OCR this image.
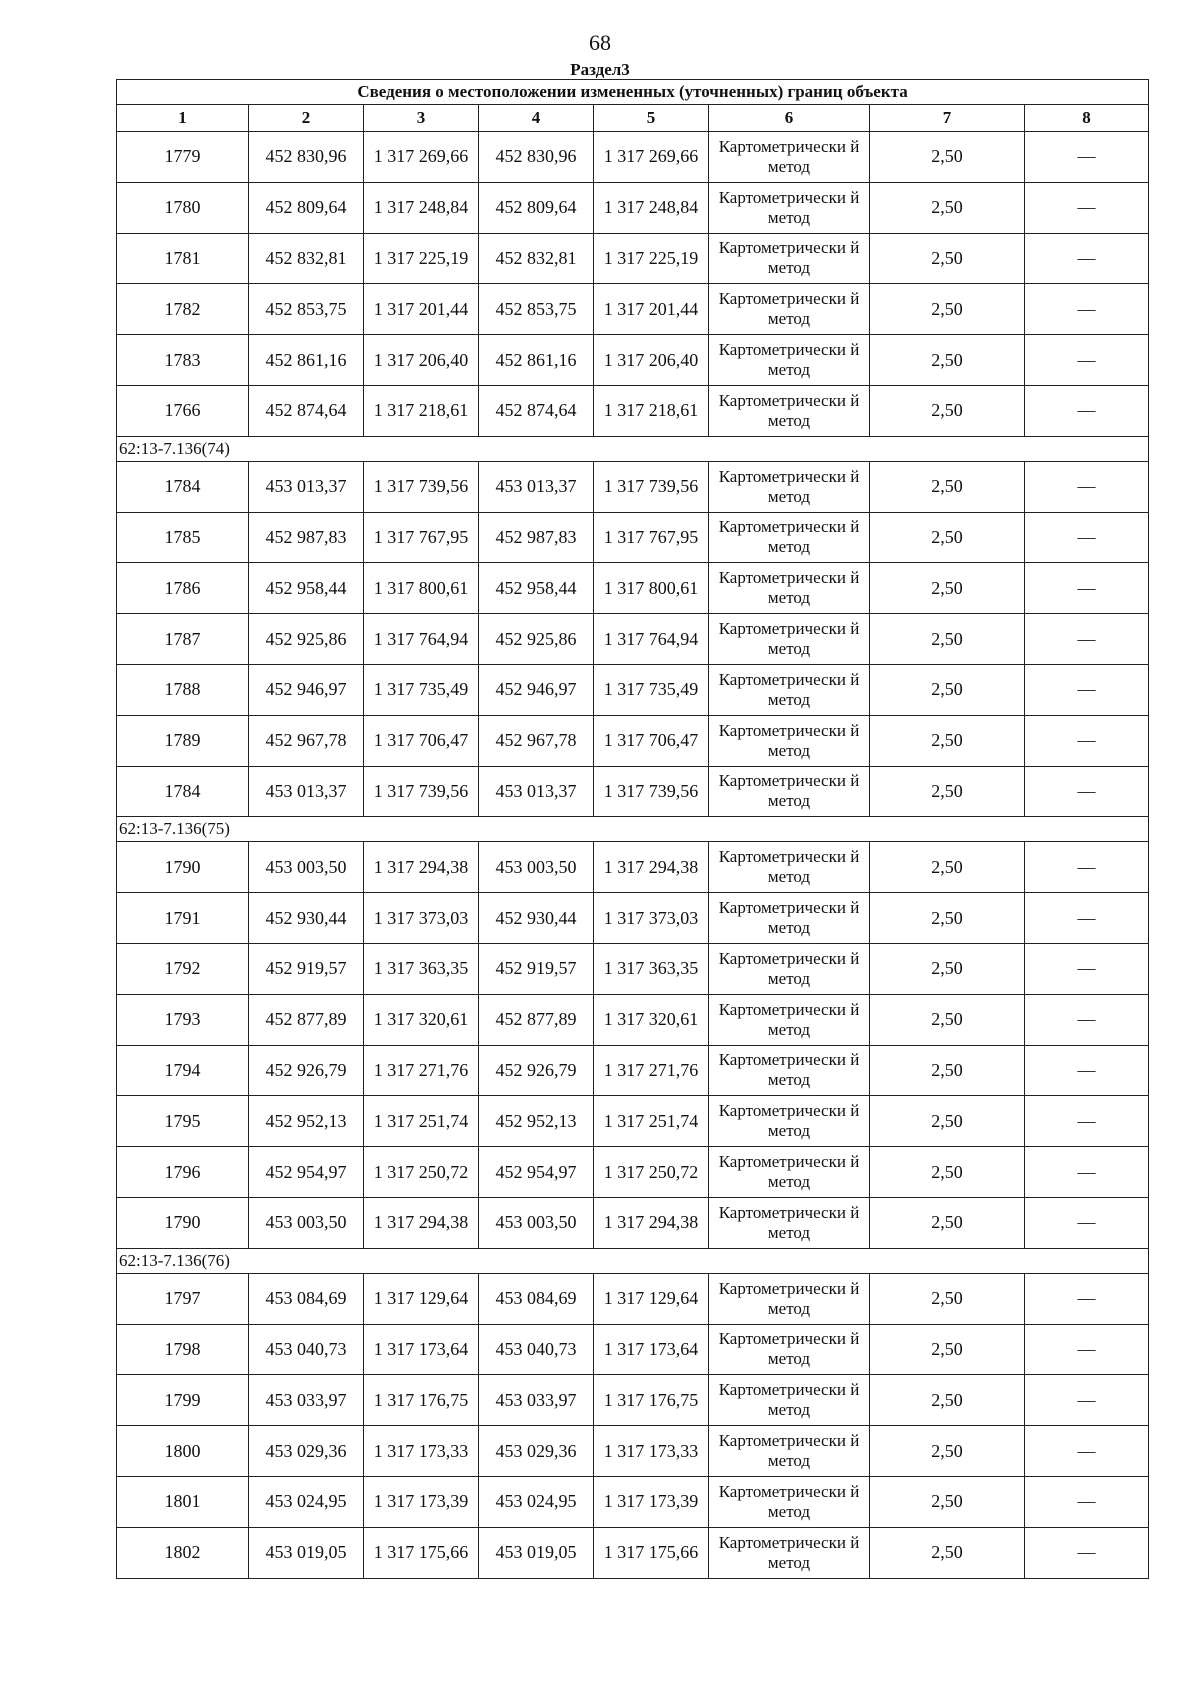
68
Раздел3
Сведения о местоположении измененных (уточненных) границ объекта							
1	2	3	4	5	6	7	8
1779	452 830,96	1 317 269,66	452 830,96	1 317 269,66	Картометрически й метод	2,50	—
1780	452 809,64	1 317 248,84	452 809,64	1 317 248,84	Картометрически й метод	2,50	—
1781	452 832,81	1 317 225,19	452 832,81	1 317 225,19	Картометрически й метод	2,50	—
1782	452 853,75	1 317 201,44	452 853,75	1 317 201,44	Картометрически й метод	2,50	—
1783	452 861,16	1 317 206,40	452 861,16	1 317 206,40	Картометрически й метод	2,50	—
1766	452 874,64	1 317 218,61	452 874,64	1 317 218,61	Картометрически й метод	2,50	—
62:13-7.136(74)							
1784	453 013,37	1 317 739,56	453 013,37	1 317 739,56	Картометрически й метод	2,50	—
1785	452 987,83	1 317 767,95	452 987,83	1 317 767,95	Картометрически й метод	2,50	—
1786	452 958,44	1 317 800,61	452 958,44	1 317 800,61	Картометрически й метод	2,50	—
1787	452 925,86	1 317 764,94	452 925,86	1 317 764,94	Картометрически й метод	2,50	—
1788	452 946,97	1 317 735,49	452 946,97	1 317 735,49	Картометрически й метод	2,50	—
1789	452 967,78	1 317 706,47	452 967,78	1 317 706,47	Картометрически й метод	2,50	—
1784	453 013,37	1 317 739,56	453 013,37	1 317 739,56	Картометрически й метод	2,50	—
62:13-7.136(75)							
1790	453 003,50	1 317 294,38	453 003,50	1 317 294,38	Картометрически й метод	2,50	—
1791	452 930,44	1 317 373,03	452 930,44	1 317 373,03	Картометрически й метод	2,50	—
1792	452 919,57	1 317 363,35	452 919,57	1 317 363,35	Картометрически й метод	2,50	—
1793	452 877,89	1 317 320,61	452 877,89	1 317 320,61	Картометрически й метод	2,50	—
1794	452 926,79	1 317 271,76	452 926,79	1 317 271,76	Картометрически й метод	2,50	—
1795	452 952,13	1 317 251,74	452 952,13	1 317 251,74	Картометрически й метод	2,50	—
1796	452 954,97	1 317 250,72	452 954,97	1 317 250,72	Картометрически й метод	2,50	—
1790	453 003,50	1 317 294,38	453 003,50	1 317 294,38	Картометрически й метод	2,50	—
62:13-7.136(76)							
1797	453 084,69	1 317 129,64	453 084,69	1 317 129,64	Картометрически й метод	2,50	—
1798	453 040,73	1 317 173,64	453 040,73	1 317 173,64	Картометрически й метод	2,50	—
1799	453 033,97	1 317 176,75	453 033,97	1 317 176,75	Картометрически й метод	2,50	—
1800	453 029,36	1 317 173,33	453 029,36	1 317 173,33	Картометрически й метод	2,50	—
1801	453 024,95	1 317 173,39	453 024,95	1 317 173,39	Картометрически й метод	2,50	—
1802	453 019,05	1 317 175,66	453 019,05	1 317 175,66	Картометрически й метод	2,50	—
